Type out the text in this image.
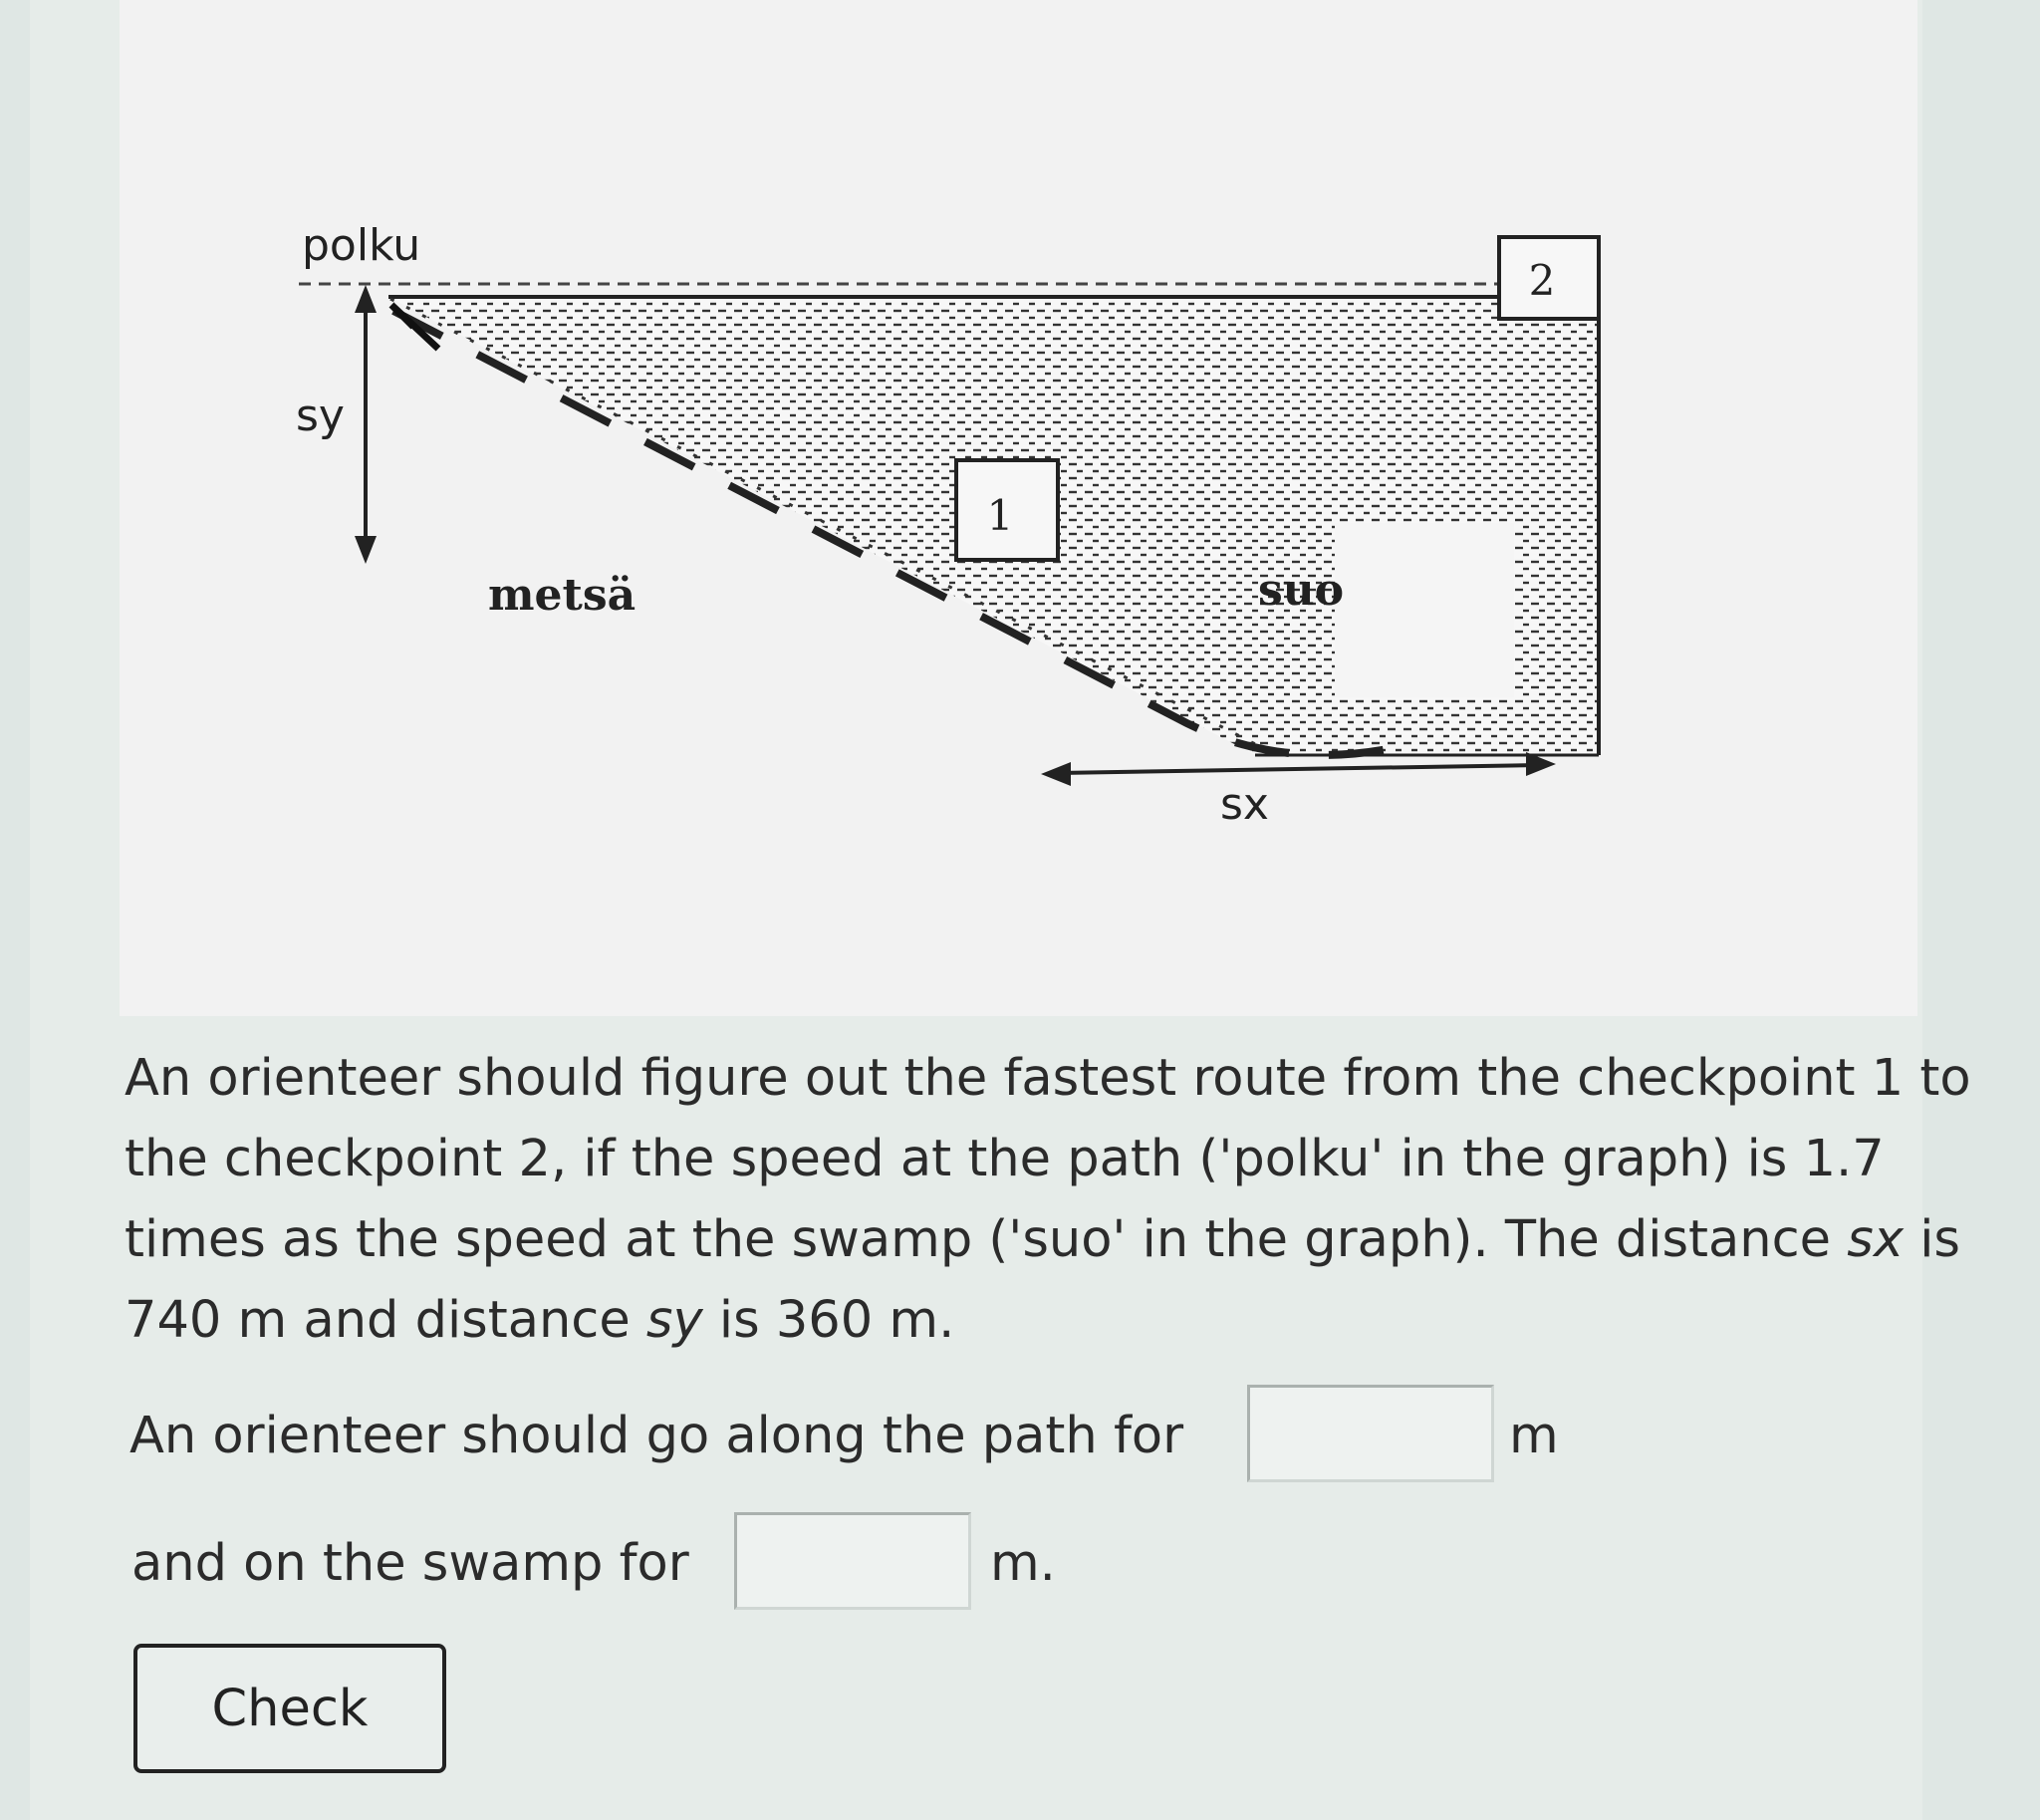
1
2
polku
sy
metsä	suo
sx
An orienteer should figure out the fastest route from the checkpoint 1 to the checkpoint 2, if the speed at the path ('polku' in the graph) is 1.7 times as the speed at the swamp ('suo' in the graph). The distance sx is 740 m and distance sy is 360 m.
An orienteer should go along the path for	m
and on the swamp for	m.
Check
